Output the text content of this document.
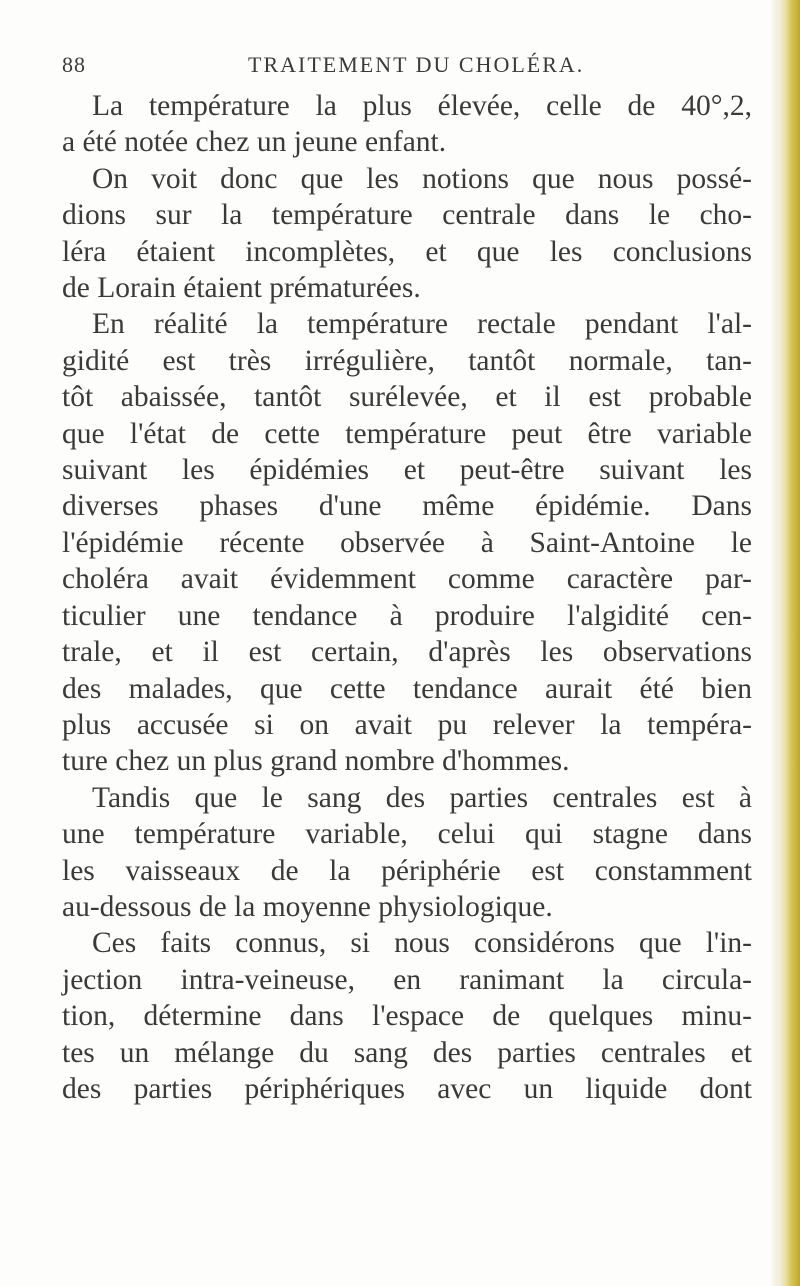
88	TRAITEMENT DU CHOLÉRA.
La température la plus élevée, celle de 40°,2,
a été notée chez un jeune enfant.
On voit donc que les notions que nous possé-
dions sur la température centrale dans le cho-
léra étaient incomplètes, et que les conclusions
de Lorain étaient prématurées.
En réalité la température rectale pendant l'al-
gidité est très irrégulière, tantôt normale, tan-
tôt abaissée, tantôt surélevée, et il est probable
que l'état de cette température peut être variable
suivant les épidémies et peut-être suivant les
diverses phases d'une même épidémie. Dans
l'épidémie récente observée à Saint-Antoine le
choléra avait évidemment comme caractère par-
ticulier une tendance à produire l'algidité cen-
trale, et il est certain, d'après les observations
des malades, que cette tendance aurait été bien
plus accusée si on avait pu relever la tempéra-
ture chez un plus grand nombre d'hommes.
Tandis que le sang des parties centrales est à
une température variable, celui qui stagne dans
les vaisseaux de la périphérie est constamment
au-dessous de la moyenne physiologique.
Ces faits connus, si nous considérons que l'in-
jection intra-veineuse, en ranimant la circula-
tion, détermine dans l'espace de quelques minu-
tes un mélange du sang des parties centrales et
des parties périphériques avec un liquide dont
